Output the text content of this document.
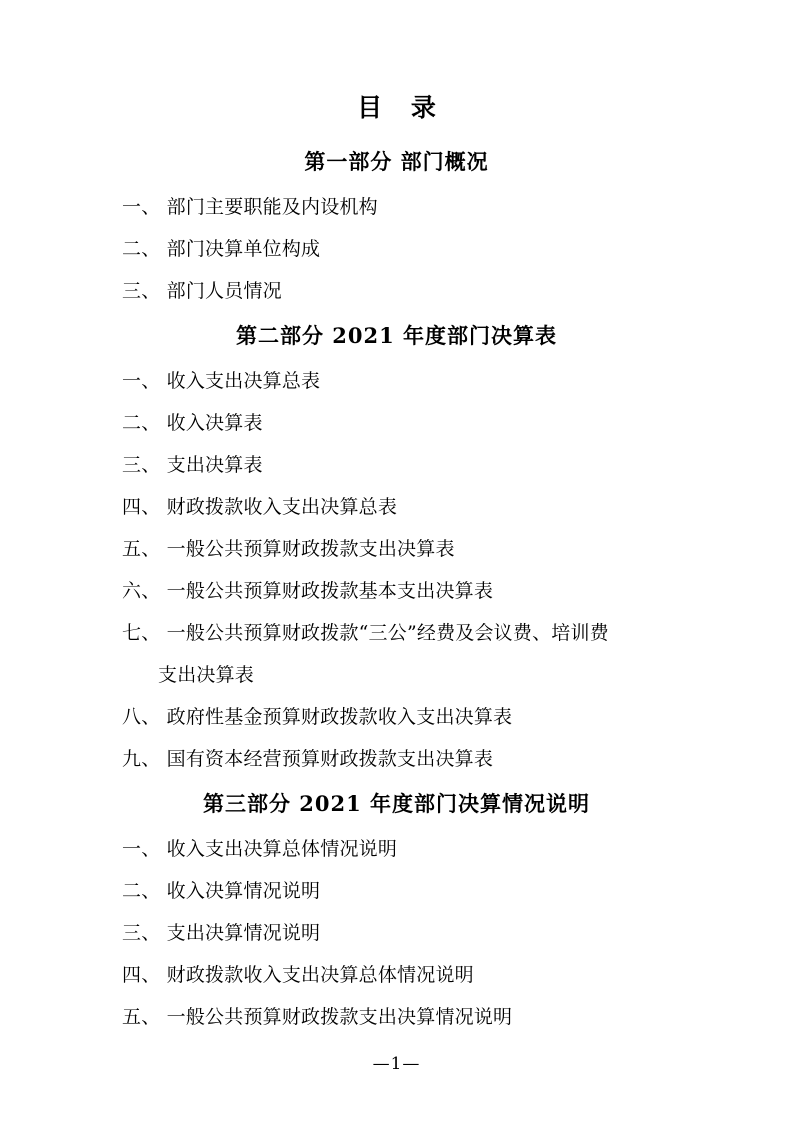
目 录
第一部分 部门概况
一、 部门主要职能及内设机构
二、 部门决算单位构成
三、 部门人员情况
第二部分 2021 年度部门决算表
一、 收入支出决算总表
二、 收入决算表
三、 支出决算表
四、 财政拨款收入支出决算总表
五、 一般公共预算财政拨款支出决算表
六、 一般公共预算财政拨款基本支出决算表
七、 一般公共预算财政拨款“三公”经费及会议费、培训费
支出决算表
八、 政府性基金预算财政拨款收入支出决算表
九、 国有资本经营预算财政拨款支出决算表
第三部分 2021 年度部门决算情况说明
一、 收入支出决算总体情况说明
二、 收入决算情况说明
三、 支出决算情况说明
四、 财政拨款收入支出决算总体情况说明
五、 一般公共预算财政拨款支出决算情况说明
—1—
